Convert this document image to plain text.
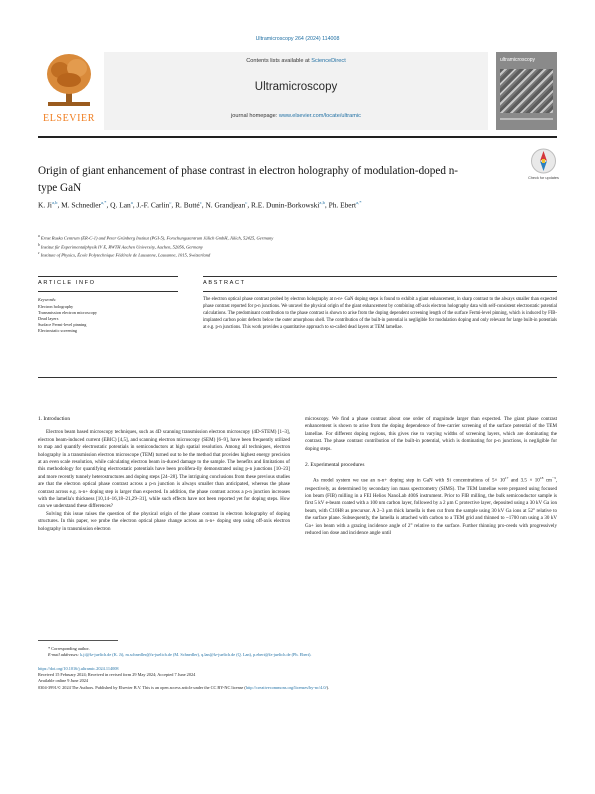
Ultramicroscopy 264 (2024) 114008
ELSEVIER
Contents lists available at ScienceDirect
Ultramicroscopy
journal homepage: www.elsevier.com/locate/ultramic
ultramicroscopy
Origin of giant enhancement of phase contrast in electron holography of modulation-doped n-type GaN
Check for updates
K. Ji$^{a,b}$, M. Schnedler$^{a,*}$, Q. Lan$^a$, J.-F. Carlin$^c$, R. Butté$^c$, N. Grandjean$^c$, R.E. Dunin-Borkowski$^{a,b}$, Ph. Ebert$^{a,*}$
$^a$ Ernst Ruska Centrum (ER-C-1) and Peter Grünberg Institut (PGI-5), Forschungszentrum Jülich GmbH, Jülich, 52425, Germany
$^b$ Institut für Experimentalphysik IV E, RWTH Aachen University, Aachen, 52056, Germany
$^c$ Institute of Physics, École Polytechnique Fédérale de Lausanne, Lausanne, 1015, Switzerland
ARTICLE INFO
Keywords:
Electron holography
Transmission electron microscopy
Dead layers
Surface Fermi-level pinning
Electrostatic screening
ABSTRACT
The electron optical phase contrast probed by electron holography at n-n+ GaN doping steps is found to exhibit a giant enhancement, in sharp contrast to the always smaller than expected phase contrast reported for p-n junctions. We unravel the physical origin of the giant enhancement by combining off-axis electron holography data with self-consistent electrostatic potential calculations. The predominant contribution to the phase contrast is shown to arise from the doping dependent screening length of the surface Fermi-level pinning, which is induced by FIB-implanted carbon point defects below the outer amorphous shell. The contribution of the built-in potential is negligible for modulation doping and only relevant for large built-in potentials at e.g. p-n junctions. This work provides a quantitative approach to so-called dead layers at TEM lamellae.
1. Introduction

Electron beam based microscopy techniques, such as 4D scanning transmission electron microscopy (4D-STEM) [1–3], electron beam-induced current (EBIC) [4,5], and scanning electron microscopy (SEM) [6–9], have been frequently utilized to map and quantify electrostatic potentials in semiconductors at high spatial resolution. Among all techniques, electron holography in a transmission electron microscope (TEM) turned out to be the method that provides highest energy precision at an even scale resolution, while calculating electron beam in-duced damage to the sample. The benefits and limitations of this methodology for quantifying electrostatic potentials have been prolifera-lly demonstrated using p-n junctions [10–23] and more recently tunnely heterostructures and doping steps [24–28]. The intriguing conclusions from these previous studies are that the electron optical phase contrast across a p-n junction is always smaller than anticipated, whereas the phase contrast across e.g. n-n+ doping step is larger than expected. In addition, the phase contrast across a p-n junction increases with the lamella's thickness [10,14–16,18–21,29–31], while such effects have not been reported yet for doping steps. How can we understand these differences?

Solving this issue raises the question of the physical origin of the phase contrast in electron holography of doping structures. In this paper, we probe the electron optical phase change across an n-n+ doping step using off-axis electron holography in transmission electron

microscopy. We find a phase contrast about one order of magnitude larger than expected. The giant phase contrast enhancement is shown to arise from the doping dependence of free-carrier screening of the surface potential of the TEM lamellae. For different doping regions, this gives rise to varying widths of screening layers, which are dominating the contrast. The phase contrast contribution of the built-in potential, which is dominating for p-n junctions, is negligible for doping steps.

2. Experimental procedures

As model system we use an n-n+ doping step in GaN with Si concentrations of $5\times 10^{17}$ and $3.5 \times 10^{18}$ $cm^{-3}$, respectively, as determined by secondary ion mass spectrometry (SIMS). The TEM lamellae were prepared using focused ion beam (FIB) milling in a FEI Helios NanoLab 400S instrument. Prior to FIB milling, the bulk semiconductor sample is first 5 kV e-beam coated with a 100 nm carbon layer, followed by a 2 μm C protective layer, deposited using a 30 kV Ga ion beam, with C10H8 as precursor. A 2–3 μm thick lamella is then cut from the sample using 30 kV Ga ions at 52° relative to the surface plane. Subsequently, the lamella is attached with carbon to a TEM grid and thinned to ~1700 nm using a 30 kV Ga+ ion beam with a grazing incidence angle of 2° relative to the surface. Further thinning pro-ceeds with progressively reduced ion dose and incidence angle until

* Corresponding author.
E-mail addresses: k.ji@fz-juelich.de (K. Ji), m.schnedler@fz-juelich.de (M. Schnedler), q.lan@fz-juelich.de (Q. Lan), p.ebert@fz-juelich.de (Ph. Ebert).
https://doi.org/10.1016/j.ultramic.2024.114008
Received 15 February 2024; Received in revised form 29 May 2024; Accepted 7 June 2024
Available online 9 June 2024
0304-3991/© 2024 The Authors. Published by Elsevier B.V. This is an open access article under the CC BY-NC license (http://creativecommons.org/licenses/by-nc/4.0/).
